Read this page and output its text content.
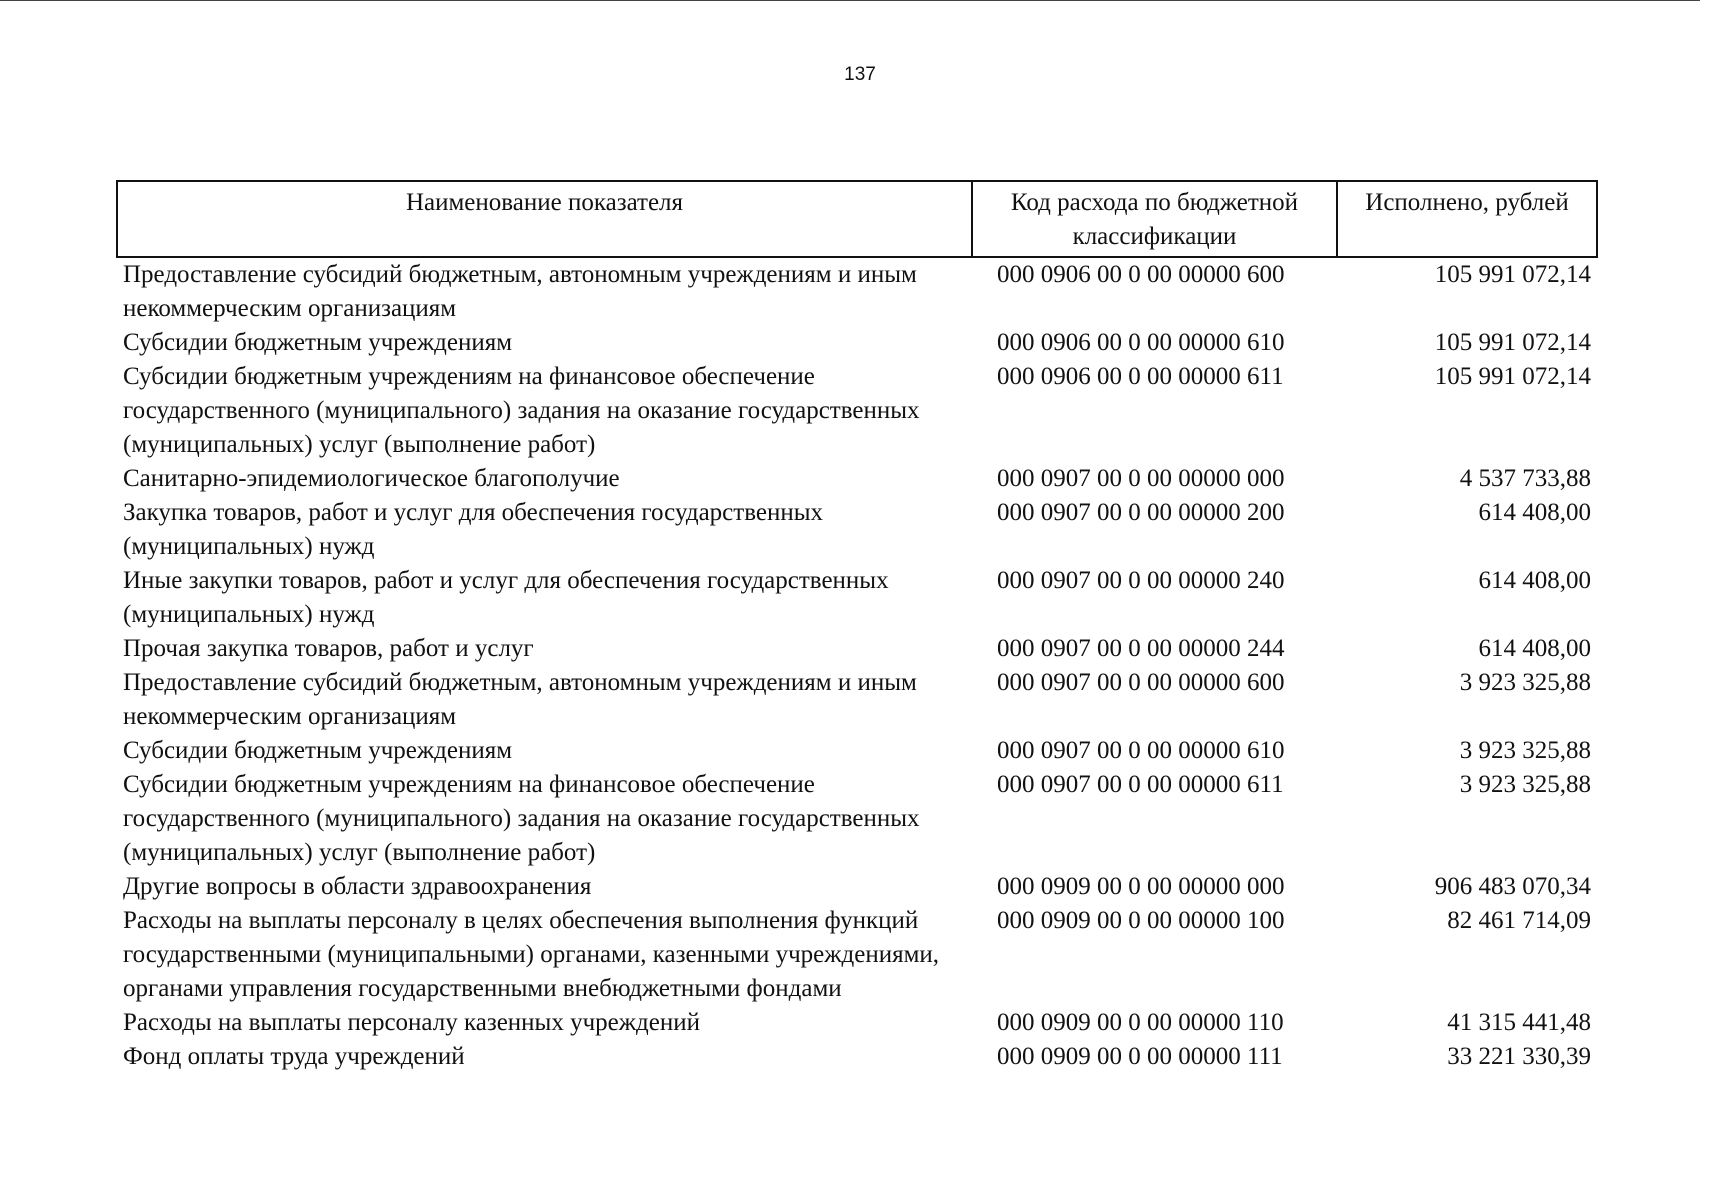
137
Наименование показателя	Код расхода по бюджетной классификации	Исполнено, рублей
Предоставление субсидий бюджетным, автономным учреждениям и иным некоммерческим организациям	000 0906 00 0 00 00000 600	105 991 072,14
Субсидии бюджетным учреждениям	000 0906 00 0 00 00000 610	105 991 072,14
Субсидии бюджетным учреждениям на финансовое обеспечение государственного (муниципального) задания на оказание государственных (муниципальных) услуг (выполнение работ)	000 0906 00 0 00 00000 611	105 991 072,14
Санитарно-эпидемиологическое благополучие	000 0907 00 0 00 00000 000	4 537 733,88
Закупка товаров, работ и услуг для обеспечения государственных (муниципальных) нужд	000 0907 00 0 00 00000 200	614 408,00
Иные закупки товаров, работ и услуг для обеспечения государственных (муниципальных) нужд	000 0907 00 0 00 00000 240	614 408,00
Прочая закупка товаров, работ и услуг	000 0907 00 0 00 00000 244	614 408,00
Предоставление субсидий бюджетным, автономным учреждениям и иным некоммерческим организациям	000 0907 00 0 00 00000 600	3 923 325,88
Субсидии бюджетным учреждениям	000 0907 00 0 00 00000 610	3 923 325,88
Субсидии бюджетным учреждениям на финансовое обеспечение государственного (муниципального) задания на оказание государственных (муниципальных) услуг (выполнение работ)	000 0907 00 0 00 00000 611	3 923 325,88
Другие вопросы в области здравоохранения	000 0909 00 0 00 00000 000	906 483 070,34
Расходы на выплаты персоналу в целях обеспечения выполнения функций государственными (муниципальными) органами, казенными учреждениями, органами управления государственными внебюджетными фондами	000 0909 00 0 00 00000 100	82 461 714,09
Расходы на выплаты персоналу казенных учреждений	000 0909 00 0 00 00000 110	41 315 441,48
Фонд оплаты труда учреждений	000 0909 00 0 00 00000 111	33 221 330,39
